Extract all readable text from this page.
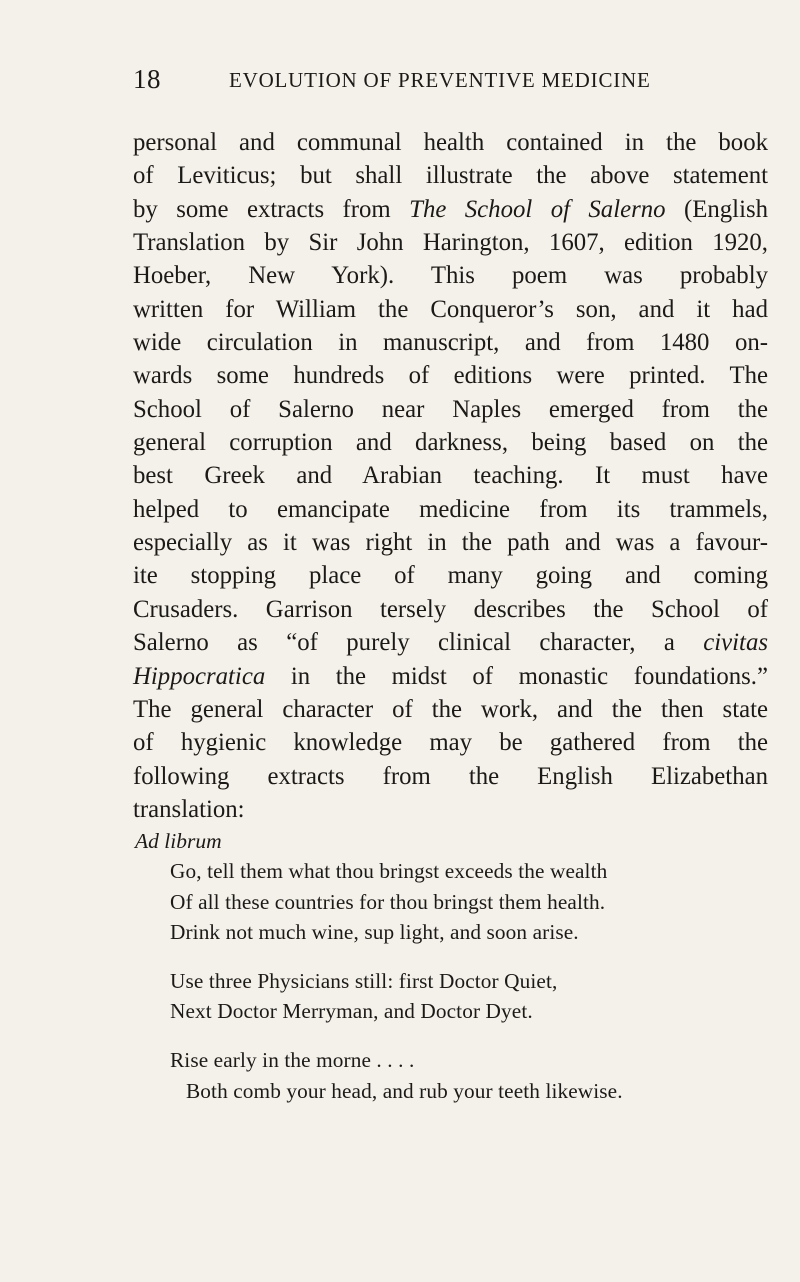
18	EVOLUTION OF PREVENTIVE MEDICINE
personal and communal health contained in the book
of Leviticus; but shall illustrate the above statement
by some extracts from The School of Salerno (English
Translation by Sir John Harington, 1607, edition 1920,
Hoeber, New York). This poem was probably
written for William the Conqueror’s son, and it had
wide circulation in manuscript, and from 1480 on-
wards some hundreds of editions were printed. The
School of Salerno near Naples emerged from the
general corruption and darkness, being based on the
best Greek and Arabian teaching. It must have
helped to emancipate medicine from its trammels,
especially as it was right in the path and was a favour-
ite stopping place of many going and coming
Crusaders. Garrison tersely describes the School of
Salerno as “of purely clinical character, a civitas
Hippocratica in the midst of monastic foundations.”
The general character of the work, and the then state
of hygienic knowledge may be gathered from the
following extracts from the English Elizabethan
translation:
Ad librum
Go, tell them what thou bringst exceeds the wealth
Of all these countries for thou bringst them health.
Drink not much wine, sup light, and soon arise.
Use three Physicians still: first Doctor Quiet,
Next Doctor Merryman, and Doctor Dyet.
Rise early in the morne . . . .
Both comb your head, and rub your teeth likewise.
